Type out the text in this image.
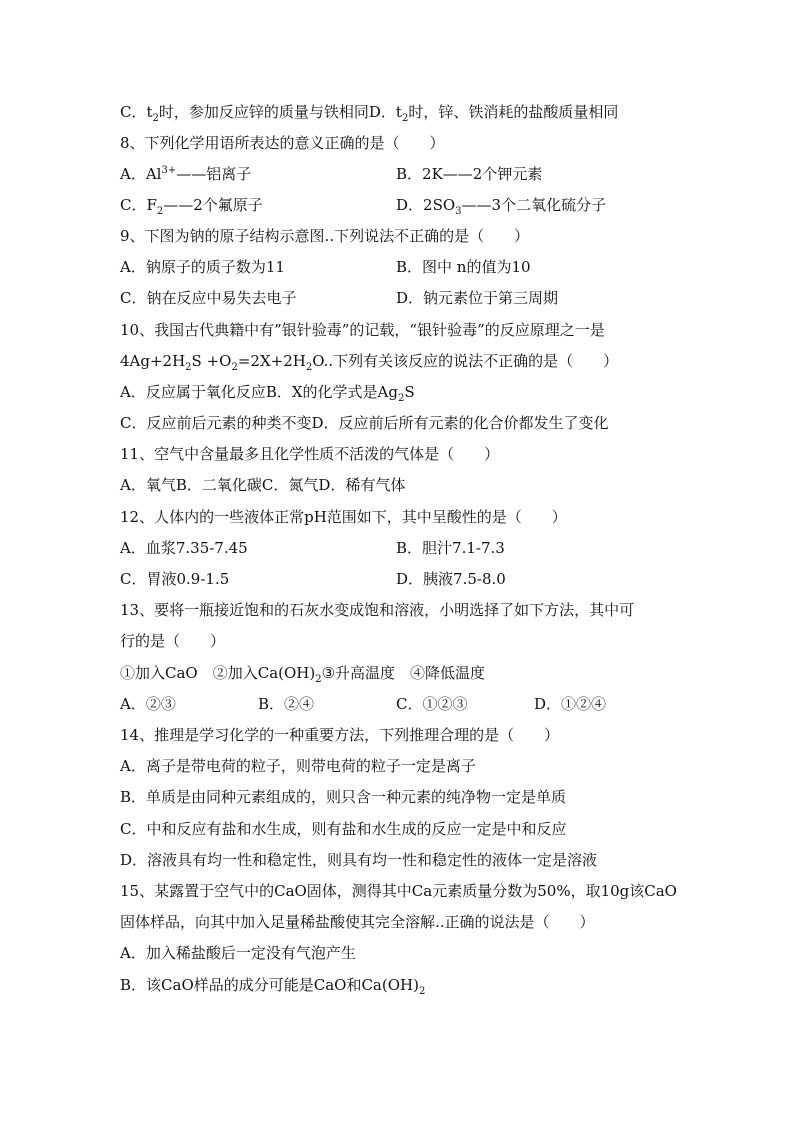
C．$t_2$时，参加反应锌的质量与铁相同D．$t_2$时，锌、铁消耗的盐酸质量相同
8、下列化学用语所表达的意义正确的是（　　）
A．$Al^{3+}——$铝离子	B．2K——2个钾元素
C．$F_2——2$个氟原子	D．$2SO_3——3$个二氧化硫分子
9、下图为钠的原子结构示意图..下列说法不正确的是（　　）
A．钠原子的质子数为11	B．图中 n的值为10
C．钠在反应中易失去电子	D．钠元素位于第三周期
10、我国古代典籍中有”银针验毒”的记载，“银针验毒”的反应原理之一是
$4Ag+2H_2S +O_2=2X+2H_2O$..下列有关该反应的说法不正确的是（　　）
A．反应属于氧化反应B．X的化学式是$Ag_2S$
C．反应前后元素的种类不变D．反应前后所有元素的化合价都发生了变化
11、空气中含量最多且化学性质不活泼的气体是（　　）
A．氧气B．二氧化碳C．氮气D．稀有气体
12、人体内的一些液体正常pH范围如下，其中呈酸性的是（　　）
A．血浆7.35-7.45	B．胆汁7.1-7.3
C．胃液0.9-1.5	D．胰液7.5-8.0
13、要将一瓶接近饱和的石灰水变成饱和溶液，小明选择了如下方法，其中可
行的是（　　）
①加入CaO　②加入$Ca(OH)_2③$升高温度　④降低温度
A．②③	B．②④	C．①②③	D．①②④
14、推理是学习化学的一种重要方法，下列推理合理的是（　　）
A．离子是带电荷的粒子，则带电荷的粒子一定是离子
B．单质是由同种元素组成的，则只含一种元素的纯净物一定是单质
C．中和反应有盐和水生成，则有盐和水生成的反应一定是中和反应
D．溶液具有均一性和稳定性，则具有均一性和稳定性的液体一定是溶液
15、某露置于空气中的CaO固体，测得其中Ca元素质量分数为50%，取10g该CaO
固体样品，向其中加入足量稀盐酸使其完全溶解..正确的说法是（　　）
A．加入稀盐酸后一定没有气泡产生
B．该CaO样品的成分可能是CaO和$Ca(OH)_2$
